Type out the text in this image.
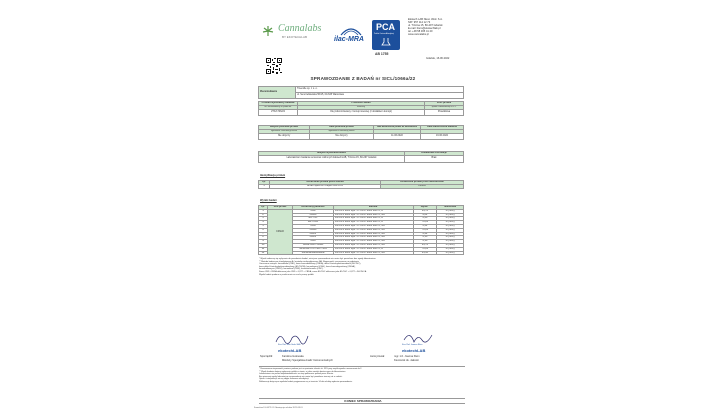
Cannalabs
BY EKOTECHLAB	ilac-MRA
PCA
Polskie Centrum Akredytacji
AB 1755
Ekotech LAB Niest. Wod. S.A.
NIP: 957 114 12 73
ul. Trzcina 15, 80-297 Gdańsk
E-mail: biuro@ekotechlab.pl
tel. +48 58 305 41 40
www.cannalabs.pl
Gdańsk, 16.06.2022
SPRAWOZDANIE Z BADAŃ nr SICL/1066a/22
Zleceniodawca	Tinecolle sp. z o. o.
ul. Senczelkowska 56/15, 00-645 Warszawa
Produkt wykonawcy badania	Przedmiot badań	Ilość próbek
ref. zleceniodawcy/ nr próbki ref.	Inventary	oparte o deklarowaną w PPC
ZTK/1706/22	Olej mikronizowany z konopi siewnej (z dodatkiem konopi)	Prawidłowa
Miejsce pobrania próbek	Data pobrania próbek	Data dostarczenia próbek do laboratorium	Data zakończenia badania
ogłoszenie z informacją klienta	ogłoszenie z informacją klienta		
Nie dotyczy	Nie dotyczy	11.06.2022	16.06.2022
Miejsce wykonania analiz	Dodatkowe informacje
Laboratorium badania surowców roślinnych EkotechLAB, Trzcina 15, 80-297 Gdańsk	Brak
Identyfikacja próbek
Lp.	Oznaczenie próbek przez Klienta	Oznaczenie próbek przez laboratorium
1	Broad Spectrum Olejek CBD 10%	C06/22
Wyniki badań
Lp.	Kod próbki	Oznaczany parametr	Metoda*	Wynik**	Jednostka
1	C06/22	CBD	PB-CL-1 2021 wyd. 1 z 01.07.2021 MPL C, A	23,72	% (m/m)
2		CBDA	PB-CL-1 2021 wyd. 1 z 01.07.2021 MPL C, NA	0,02	% (m/m)
3		Δ9-THC	PB-CL-1 2021 wyd. 1 z 01.07.2021 MPL C, A	0,20	% (m/m)
4		Δ9-THCA	PB-CL-1 2021 wyd. 1 z 01.07.2021 MPL C, A	<0,01	% (m/m)
5		CBG	PB-CL-1 2021 wyd. 1 z 01.07.2021 MPL C, NA	0,22	% (m/m)
6		CBGA	PB-CL-1 2021 wyd. 1 z 01.07.2021 MPL C, NA	<0,01	% (m/m)
7		CBDV	PB-CL-1 2021 wyd. 1 z 01.07.2021 MPL C, NA	0,22	% (m/m)
8		CBDV	PB-CL-1 2021 wyd. 1 z 01.07.2021 MPL C, NA	0,10	% (m/m)
9		CBN	PB-CL-1 2021 wyd. 1 z 01.07.2021 MPL C, NA	0,10	% (m/m)
10		Suma CBD i CBDA	PB-CL-1 2021 wyd. 1 z 01.07.2021 MPL C, NA	23,74	% (m/m)
11		Suma Δ9-THC i Δ9-THCA	PB-CL-1 2021 wyd. 1 z 01.07.2021 MPL C, A	<0,01	% (m/m)
12		Suma kannabinoidów	PB-CL-1 2021 wyd. 1 z 01.07.2021 MPL C, NA	25,63	% (m/m)
* Wyniki odnoszą się wyłącznie do przedmiotu badań, niniejsze sprawozdanie nie może być powielane bez zgody laboratorium.
** Metoda badawcza akredytowana A / metoda nieakredytowana NA. Niepewność rozszerzona na podstawie
Oznaczane związki: kannabidiol (CBD), kwas kannabidiolowy (CBDA), delta-9-tetrahydrokannabinol (Δ9-THC),
kwas delta-9-tetrahydrokannabinolowy (Δ9-THCA), kannabigerol (CBG), kwas kannabigerolowy (CBGA),
kannabidiwaryna (CBDV), kannabinol (CBN), kannabichromen (CBC).
Suma CBD i CBDA obliczona jako CBD + 0,877 × CBDA; suma Δ9-THC obliczona jako Δ9-THC + 0,877 × Δ9-THCA.
Wyniki badań podane w przeliczeniu na suchą masę próbki.
Kier. Ref. Ewa Szulc-Wilk
ekotechLAB
Kier. Ref. Joanna Klein
ekotechLAB
Sporządził:	Karolina Gulewska
Młodszy Specjalista Analiz Instrumentalnych
Autoryzował:	mgr. inż. Joanna Klein
Kierownik ds. Jakości
* Rozszerzona niepewność pomiaru podana jest na poziomie ufności ok. 95% przy współczynniku rozszerzenia k=2.
** Wynik badania dotyczy wyłącznie próbki w stanie, w jakim została dostarczona do laboratorium.
Laboratorium nie ponosi odpowiedzialności za etap pobierania próbek przez Klienta.
Bez pisemnej zgody laboratorium sprawozdanie nie może być powielane inaczej niż w całości.
Opinie i interpretacje nie są objęte zakresem akredytacji.
Reklamacje dotyczące wyników badań przyjmowane są w terminie 14 dni od daty wydania sprawozdania.
KONIEC SPRAWOZDANIA
Formularz F-LG/P2 01 Obowiązuje od dnia 2021.08.01
